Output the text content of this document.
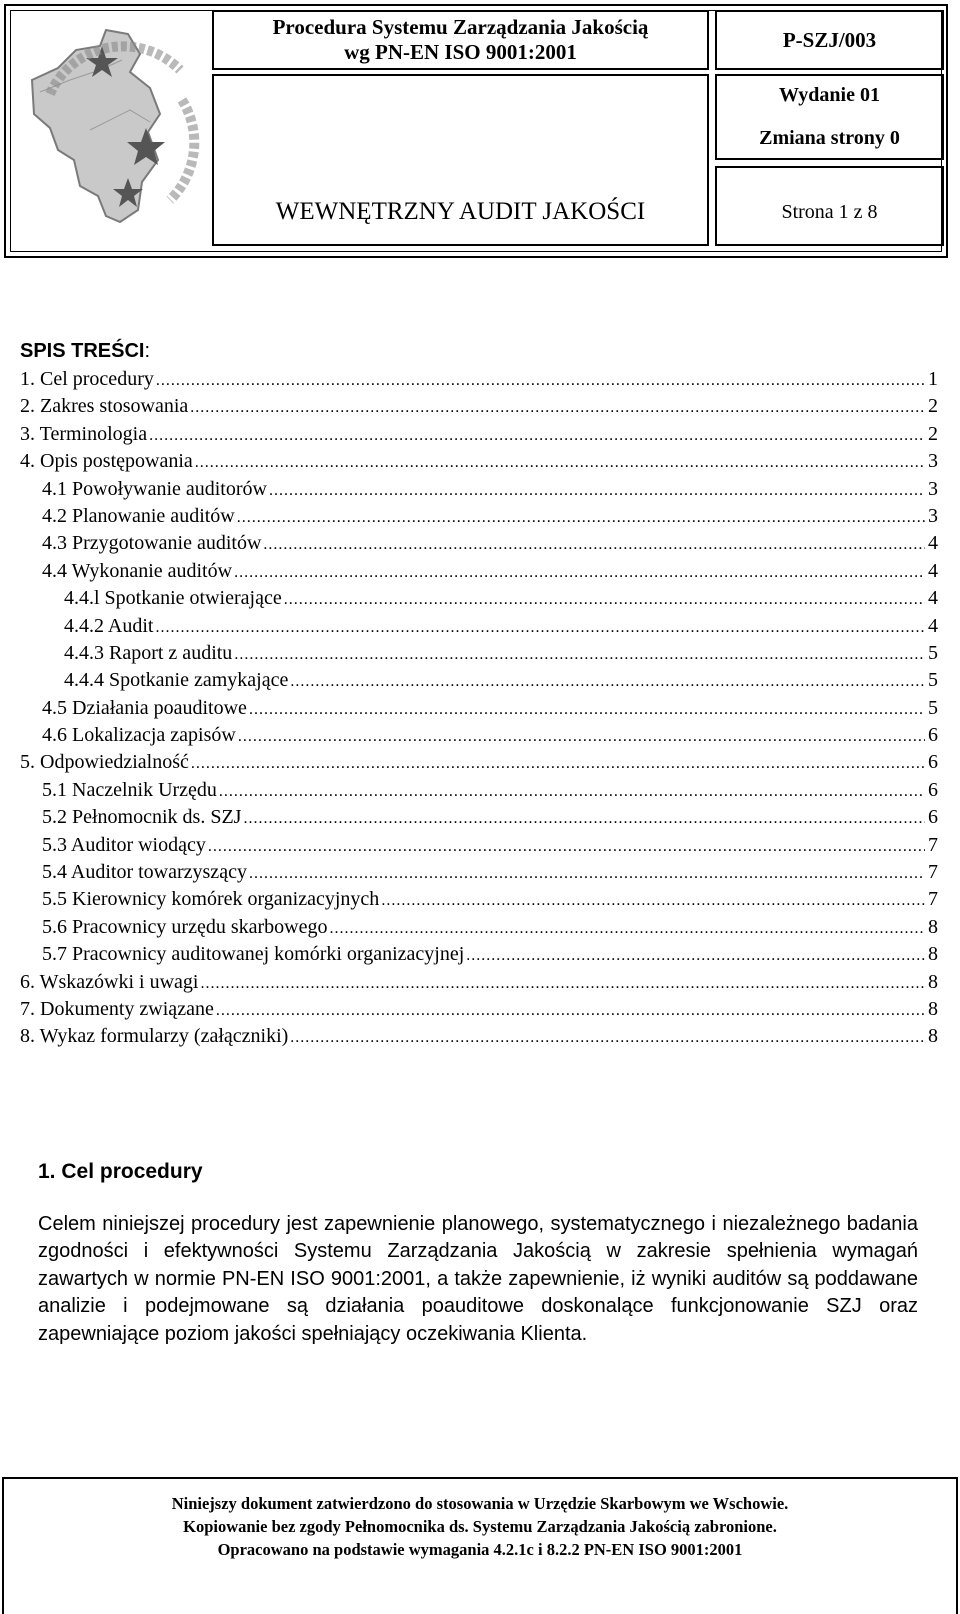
Procedura Systemu Zarządzania Jakością
wg PN-EN ISO 9001:2001
WEWNĘTRZNY AUDIT JAKOŚCI
P-SZJ/003
Wydanie 01
Zmiana strony 0
Strona 1 z 8
SPIS TREŚCI:
1. Cel procedury .....	1
2. Zakres stosowania .....	2
3. Terminologia .....	2
4. Opis postępowania .....	3
4.1 Powoływanie auditorów .....	3
4.2 Planowanie auditów .....	3
4.3 Przygotowanie auditów .....	4
4.4 Wykonanie auditów .....	4
4.4.l Spotkanie otwierające .....	4
4.4.2 Audit .....	4
4.4.3 Raport z auditu .....	5
4.4.4 Spotkanie zamykające .....	5
4.5 Działania poauditowe .....	5
4.6 Lokalizacja zapisów .....	6
5. Odpowiedzialność .....	6
5.1 Naczelnik Urzędu .....	6
5.2 Pełnomocnik ds. SZJ .....	6
5.3 Auditor wiodący .....	7
5.4 Auditor towarzyszący .....	7
5.5 Kierownicy komórek organizacyjnych .....	7
5.6 Pracownicy urzędu skarbowego .....	8
5.7 Pracownicy auditowanej komórki organizacyjnej .....	8
6. Wskazówki i uwagi .....	8
7. Dokumenty związane .....	8
8. Wykaz formularzy (załączniki) .....	8
1. Cel procedury
Celem niniejszej procedury jest zapewnienie planowego, systematycznego i niezależnego badania zgodności i efektywności Systemu Zarządzania Jakością w zakresie spełnienia wymagań zawartych w normie PN-EN ISO 9001:2001, a także zapewnienie, iż wyniki auditów są poddawane analizie i podejmowane są działania poauditowe doskonalące funkcjonowanie SZJ oraz zapewniające poziom jakości spełniający oczekiwania Klienta.
Niniejszy dokument zatwierdzono do stosowania w Urzędzie Skarbowym we Wschowie.
Kopiowanie bez zgody Pełnomocnika ds. Systemu Zarządzania Jakością zabronione.
Opracowano na podstawie wymagania 4.2.1c i 8.2.2 PN-EN ISO 9001:2001
